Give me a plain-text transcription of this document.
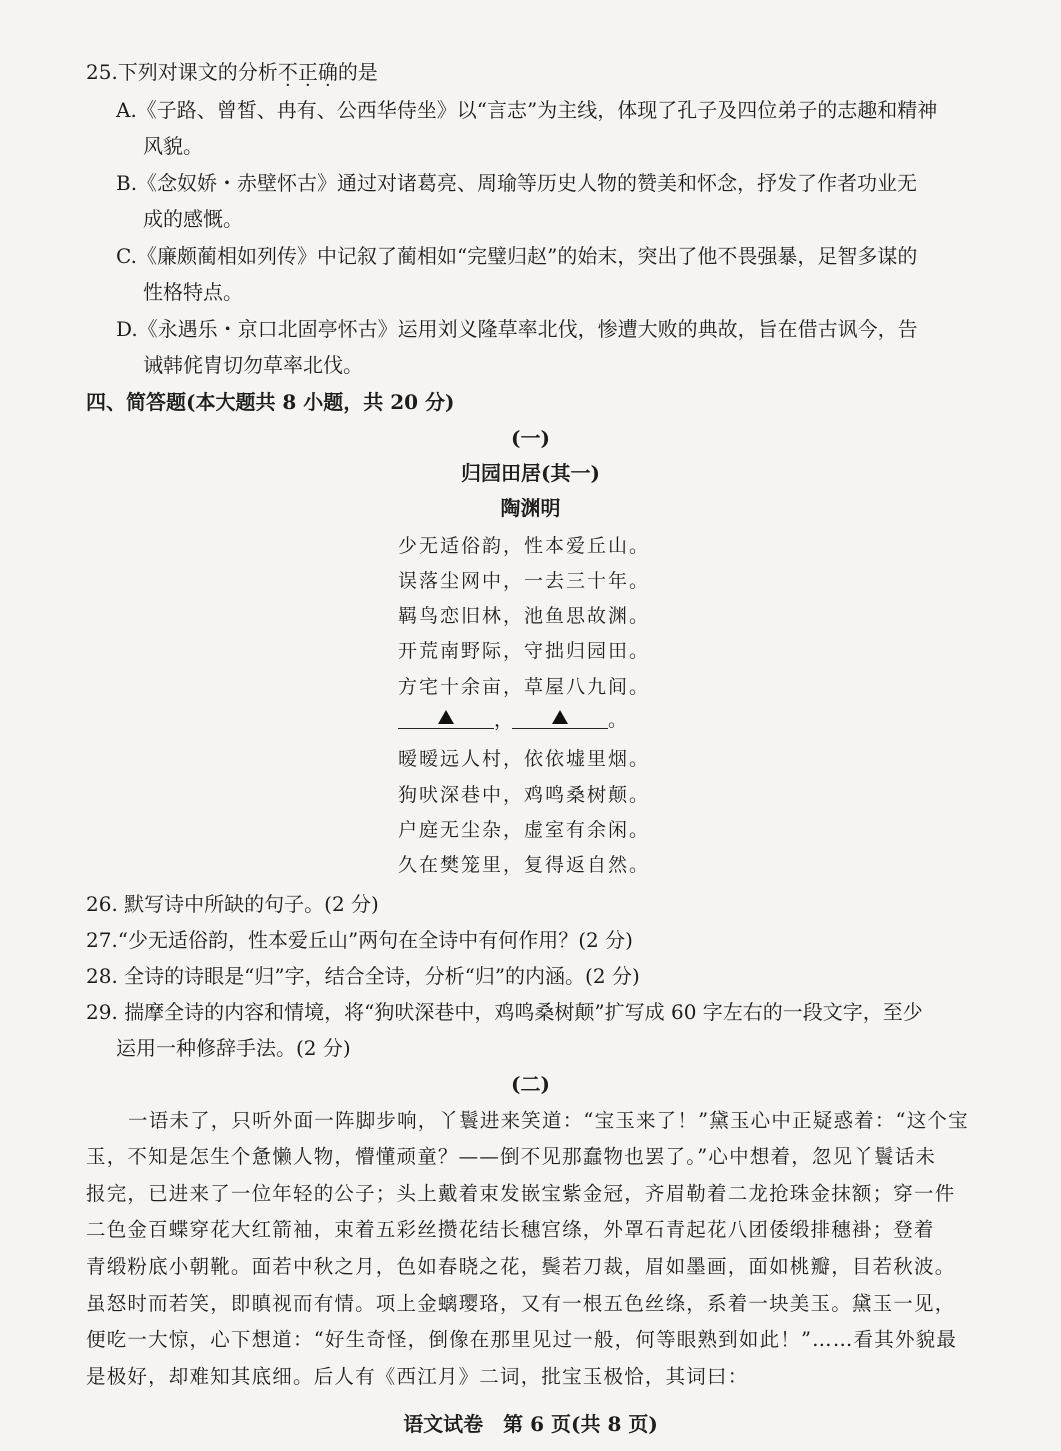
25.下列对课文的分析不正确的是
A.《子路、曾皙、冉有、公西华侍坐》以“言志”为主线，体现了孔子及四位弟子的志趣和精神
风貌。
B.《念奴娇・赤壁怀古》通过对诸葛亮、周瑜等历史人物的赞美和怀念，抒发了作者功业无
成的感慨。
C.《廉颇蔺相如列传》中记叙了蔺相如“完璧归赵”的始末，突出了他不畏强暴，足智多谋的
性格特点。
D.《永遇乐・京口北固亭怀古》运用刘义隆草率北伐，惨遭大败的典故，旨在借古讽今，告
诫韩侂胄切勿草率北伐。
四、简答题(本大题共 8 小题，共 20 分)
(一)
归园田居(其一)
陶渊明
少无适俗韵，性本爱丘山。
误落尘网中，一去三十年。
羁鸟恋旧林，池鱼思故渊。
开荒南野际，守拙归园田。
方宅十余亩，草屋八九间。
，	。
暧暧远人村，依依墟里烟。
狗吠深巷中，鸡鸣桑树颠。
户庭无尘杂，虚室有余闲。
久在樊笼里，复得返自然。
26. 默写诗中所缺的句子。(2 分)
27.“少无适俗韵，性本爱丘山”两句在全诗中有何作用？(2 分)
28. 全诗的诗眼是“归”字，结合全诗，分析“归”的内涵。(2 分)
29. 揣摩全诗的内容和情境，将“狗吠深巷中，鸡鸣桑树颠”扩写成 60 字左右的一段文字，至少
运用一种修辞手法。(2 分)
(二)
一语未了，只听外面一阵脚步响，丫鬟进来笑道：“宝玉来了！”黛玉心中正疑惑着：“这个宝
玉，不知是怎生个惫懒人物，懵懂顽童？——倒不见那蠢物也罢了。”心中想着，忽见丫鬟话未
报完，已进来了一位年轻的公子；头上戴着束发嵌宝紫金冠，齐眉勒着二龙抢珠金抹额；穿一件
二色金百蝶穿花大红箭袖，束着五彩丝攒花结长穗宫绦，外罩石青起花八团倭缎排穗褂；登着
青缎粉底小朝靴。面若中秋之月，色如春晓之花，鬓若刀裁，眉如墨画，面如桃瓣，目若秋波。
虽怒时而若笑，即瞋视而有情。项上金螭璎珞，又有一根五色丝绦，系着一块美玉。黛玉一见，
便吃一大惊，心下想道：“好生奇怪，倒像在那里见过一般，何等眼熟到如此！”……看其外貌最
是极好，却难知其底细。后人有《西江月》二词，批宝玉极恰，其词曰：
语文试卷　第 6 页(共 8 页)
